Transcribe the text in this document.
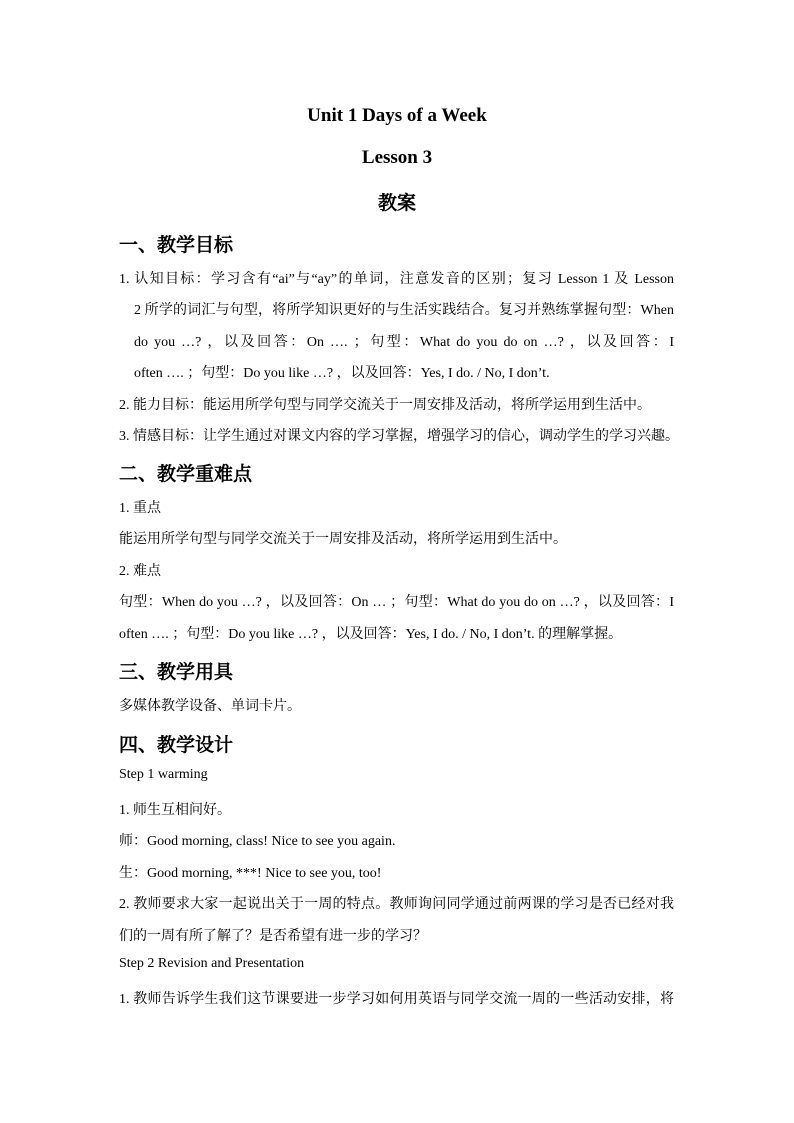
Unit 1 Days of a Week
Lesson 3
教案
一、教学目标
1. 认知目标：学习含有“ai”与“ay”的单词，注意发音的区别；复习 Lesson 1 及 Lesson
2 所学的词汇与句型，将所学知识更好的与生活实践结合。复习并熟练掌握句型：When
do you …? ，以及回答：On …. ；句型：What do you do on …? ，以及回答：I
often …. ；句型：Do you like …? ，以及回答：Yes, I do. / No, I don’t.
2. 能力目标：能运用所学句型与同学交流关于一周安排及活动，将所学运用到生活中。
3. 情感目标：让学生通过对课文内容的学习掌握，增强学习的信心，调动学生的学习兴趣。
二、教学重难点
1. 重点
能运用所学句型与同学交流关于一周安排及活动，将所学运用到生活中。
2. 难点
句型：When do you …? ，以及回答：On … ；句型：What do you do on …? ，以及回答：I
often …. ；句型：Do you like …? ，以及回答：Yes, I do. / No, I don’t. 的理解掌握。
三、教学用具
多媒体教学设备、单词卡片。
四、教学设计
Step 1 warming
1. 师生互相问好。
师：Good morning, class! Nice to see you again.
生：Good morning, ***! Nice to see you, too!
2. 教师要求大家一起说出关于一周的特点。教师询问同学通过前两课的学习是否已经对我
们的一周有所了解了？是否希望有进一步的学习？
Step 2 Revision and Presentation
1. 教师告诉学生我们这节课要进一步学习如何用英语与同学交流一周的一些活动安排，将
